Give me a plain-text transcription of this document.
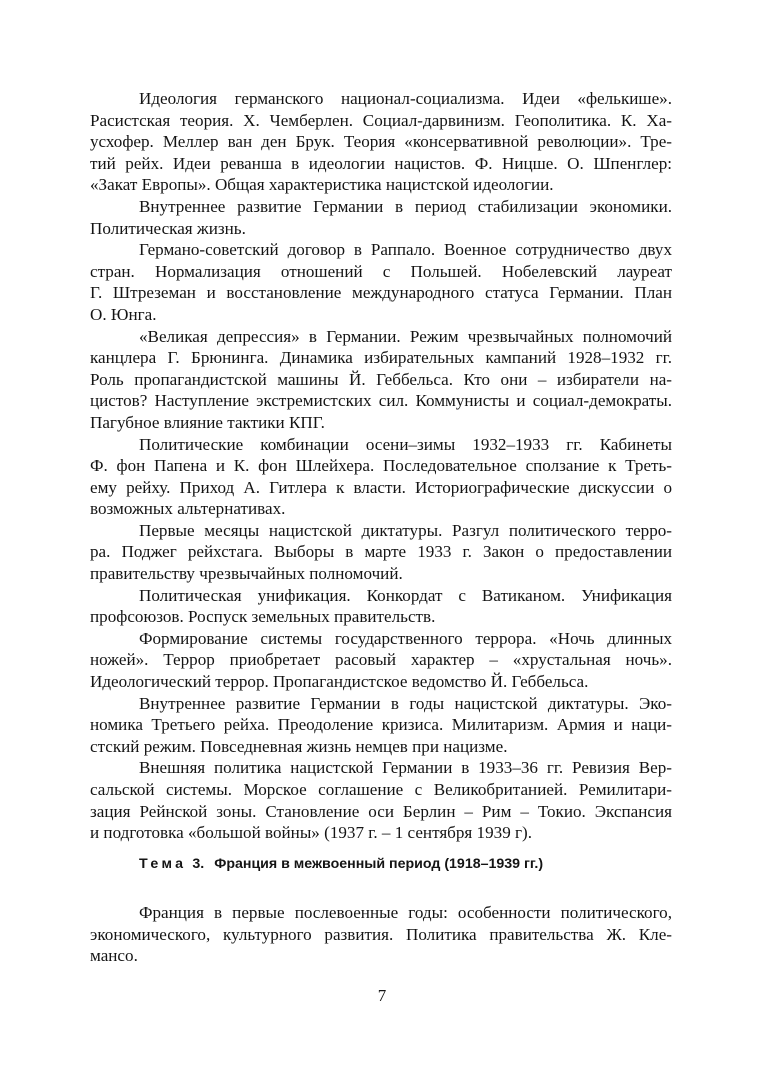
Идеология германского национал-социализма. Идеи «фелькише».
Расистская теория. Х. Чемберлен. Социал-дарвинизм. Геополитика. К. Ха-
усхофер. Меллер ван ден Брук. Теория «консервативной революции». Тре-
тий рейх. Идеи реванша в идеологии нацистов. Ф. Ницше. О. Шпенглер:
«Закат Европы». Общая характеристика нацистской идеологии.
Внутреннее развитие Германии в период стабилизации экономики.
Политическая жизнь.
Германо-советский договор в Раппало. Военное сотрудничество двух
стран. Нормализация отношений с Польшей. Нобелевский лауреат
Г. Штреземан и восстановление международного статуса Германии. План
О. Юнга.
«Великая депрессия» в Германии. Режим чрезвычайных полномочий
канцлера Г. Брюнинга. Динамика избирательных кампаний 1928–1932 гг.
Роль пропагандистской машины Й. Геббельса. Кто они – избиратели на-
цистов? Наступление экстремистских сил. Коммунисты и социал-демократы.
Пагубное влияние тактики КПГ.
Политические комбинации осени–зимы 1932–1933 гг. Кабинеты
Ф. фон Папена и К. фон Шлейхера. Последовательное сползание к Треть-
ему рейху. Приход А. Гитлера к власти. Историографические дискуссии о
возможных альтернативах.
Первые месяцы нацистской диктатуры. Разгул политического терро-
ра. Поджег рейхстага. Выборы в марте 1933 г. Закон о предоставлении
правительству чрезвычайных полномочий.
Политическая унификация. Конкордат с Ватиканом. Унификация
профсоюзов. Роспуск земельных правительств.
Формирование системы государственного террора. «Ночь длинных
ножей». Террор приобретает расовый характер – «хрустальная ночь».
Идеологический террор. Пропагандистское ведомство Й. Геббельса.
Внутреннее развитие Германии в годы нацистской диктатуры. Эко-
номика Третьего рейха. Преодоление кризиса. Милитаризм. Армия и наци-
стский режим. Повседневная жизнь немцев при нацизме.
Внешняя политика нацистской Германии в 1933–36 гг. Ревизия Вер-
сальской системы. Морское соглашение с Великобританией. Ремилитари-
зация Рейнской зоны. Становление оси Берлин – Рим – Токио. Экспансия
и подготовка «большой войны» (1937 г. – 1 сентября 1939 г).
Тема 3. Франция в межвоенный период (1918–1939 гг.)
Франция в первые послевоенные годы: особенности политического,
экономического, культурного развития. Политика правительства Ж. Кле-
мансо.
7
